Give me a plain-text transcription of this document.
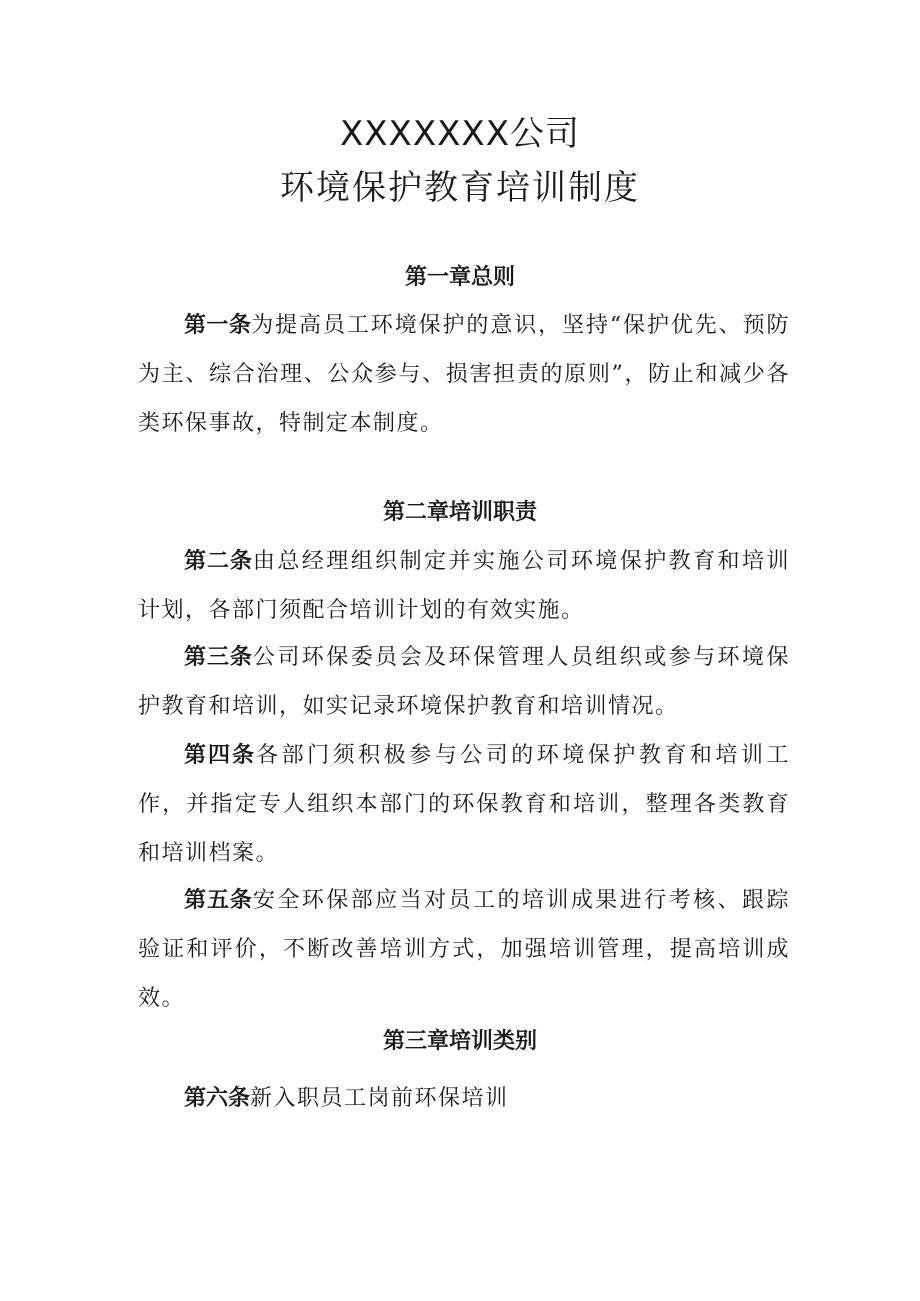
XXXXXXX公司
环境保护教育培训制度
第一章总则

第一条为提高员工环境保护的意识，坚持“保护优先、预防为主、综合治理、公众参与、损害担责的原则”，防止和减少各类环保事故，特制定本制度。

第二章培训职责

第二条由总经理组织制定并实施公司环境保护教育和培训计划，各部门须配合培训计划的有效实施。

第三条公司环保委员会及环保管理人员组织或参与环境保护教育和培训，如实记录环境保护教育和培训情况。

第四条各部门须积极参与公司的环境保护教育和培训工作，并指定专人组织本部门的环保教育和培训，整理各类教育和培训档案。

第五条安全环保部应当对员工的培训成果进行考核、跟踪验证和评价，不断改善培训方式，加强培训管理，提高培训成效。

第三章培训类别

第六条新入职员工岗前环保培训
